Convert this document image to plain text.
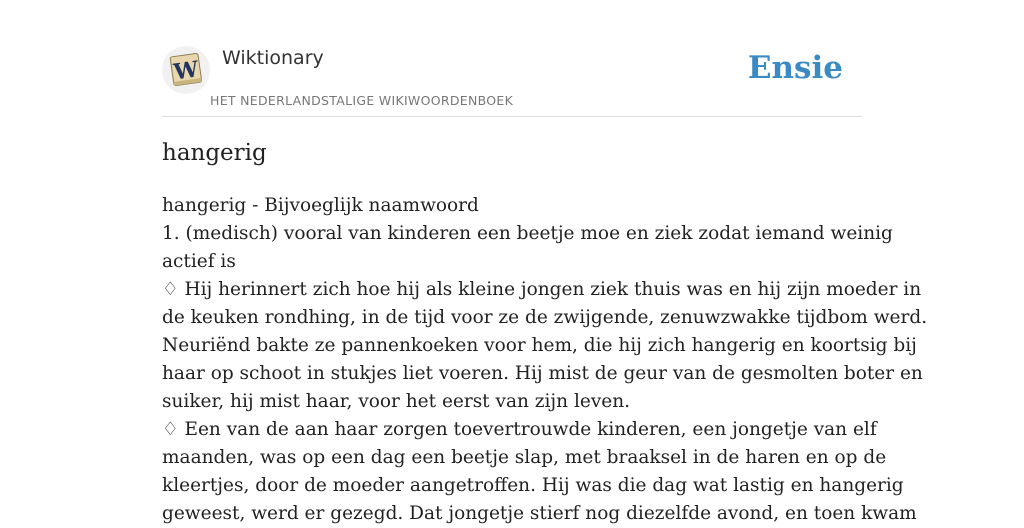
W Wiktionary
HET NEDERLANDSTALIGE WIKIWOORDENBOEK
Ensie
hangerig
hangerig - Bijvoeglijk naamwoord
1. (medisch) vooral van kinderen een beetje moe en ziek zodat iemand weinig
actief is
♢ Hij herinnert zich hoe hij als kleine jongen ziek thuis was en hij zijn moeder in
de keuken rondhing, in de tijd voor ze de zwijgende, zenuwzwakke tijdbom werd.
Neuriënd bakte ze pannenkoeken voor hem, die hij zich hangerig en koortsig bij
haar op schoot in stukjes liet voeren. Hij mist de geur van de gesmolten boter en
suiker, hij mist haar, voor het eerst van zijn leven.
♢ Een van de aan haar zorgen toevertrouwde kinderen, een jongetje van elf
maanden, was op een dag een beetje slap, met braaksel in de haren en op de
kleertjes, door de moeder aangetroffen. Hij was die dag wat lastig en hangerig
geweest, werd er gezegd. Dat jongetje stierf nog diezelfde avond, en toen kwam
